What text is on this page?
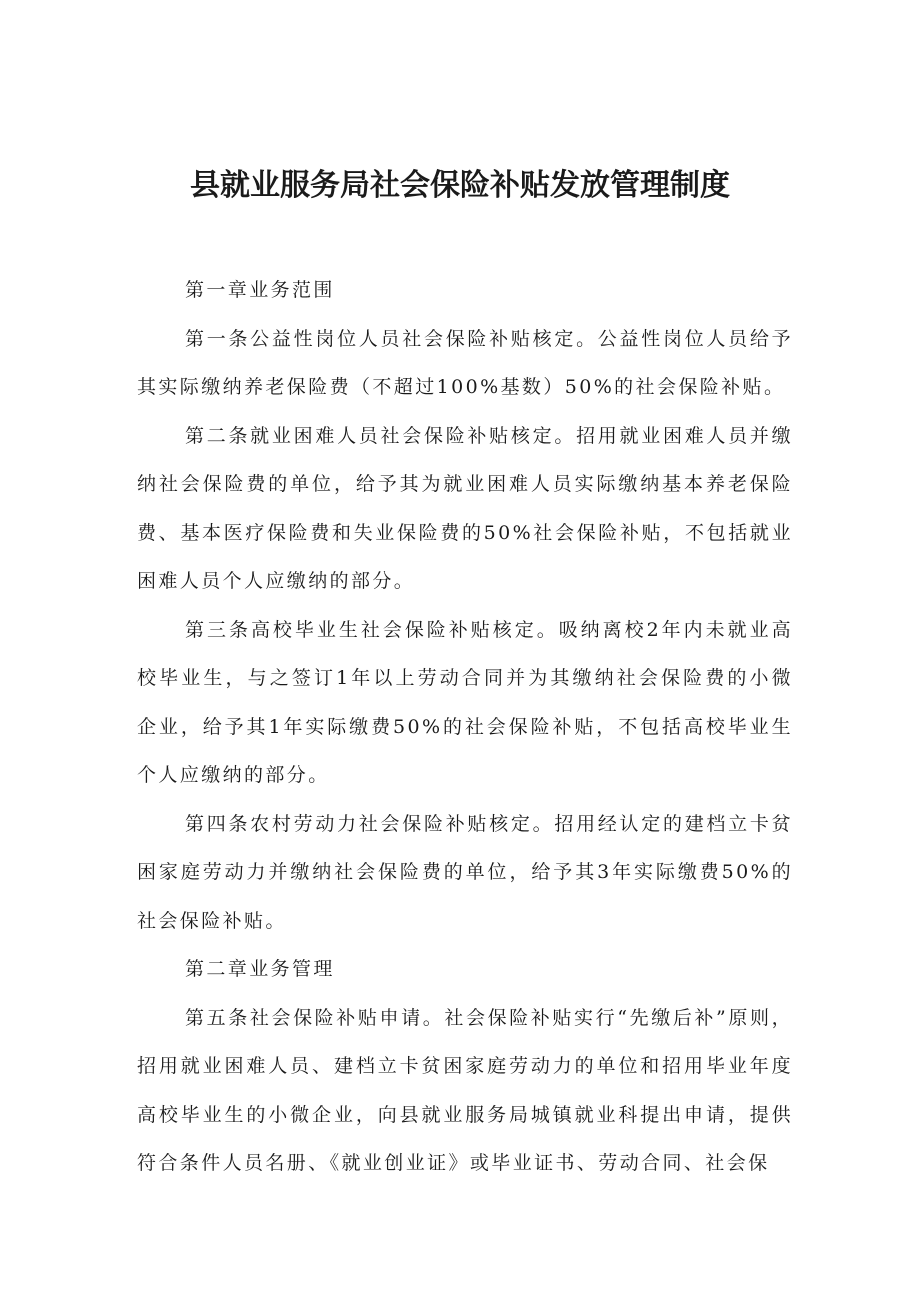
县就业服务局社会保险补贴发放管理制度

第一章业务范围

第一条公益性岗位人员社会保险补贴核定。公益性岗位人员给予其实际缴纳养老保险费（不超过100%基数）50%的社会保险补贴。

第二条就业困难人员社会保险补贴核定。招用就业困难人员并缴纳社会保险费的单位，给予其为就业困难人员实际缴纳基本养老保险费、基本医疗保险费和失业保险费的50%社会保险补贴，不包括就业困难人员个人应缴纳的部分。

第三条高校毕业生社会保险补贴核定。吸纳离校2年内未就业高校毕业生，与之签订1年以上劳动合同并为其缴纳社会保险费的小微企业，给予其1年实际缴费50%的社会保险补贴，不包括高校毕业生个人应缴纳的部分。

第四条农村劳动力社会保险补贴核定。招用经认定的建档立卡贫困家庭劳动力并缴纳社会保险费的单位，给予其3年实际缴费50%的社会保险补贴。

第二章业务管理

第五条社会保险补贴申请。社会保险补贴实行“先缴后补”原则，招用就业困难人员、建档立卡贫困家庭劳动力的单位和招用毕业年度高校毕业生的小微企业，向县就业服务局城镇就业科提出申请，提供符合条件人员名册、《就业创业证》或毕业证书、劳动合同、社会保
